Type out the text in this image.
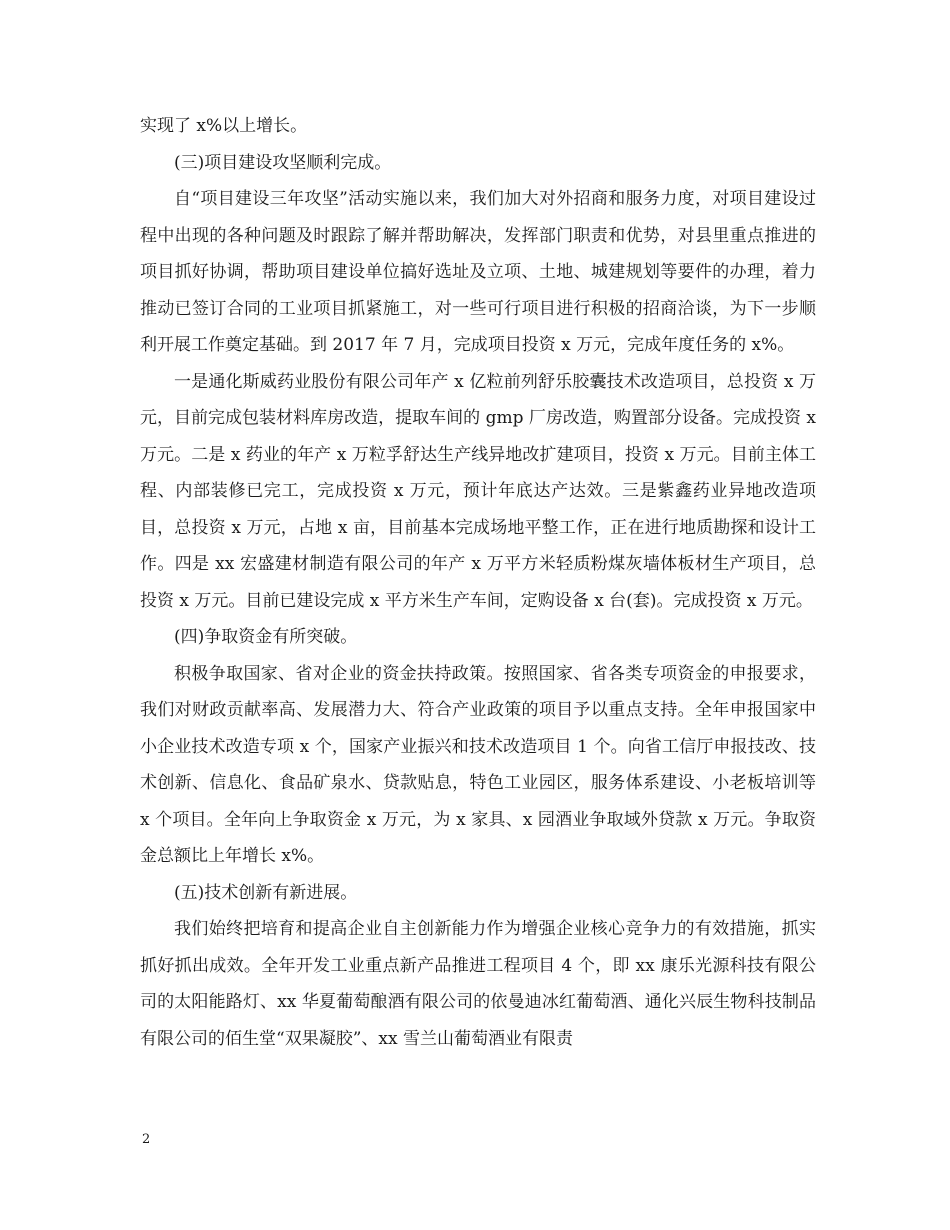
实现了 x%以上增长。

(三)项目建设攻坚顺利完成。

自“项目建设三年攻坚”活动实施以来，我们加大对外招商和服务力度，对项目建设过程中出现的各种问题及时跟踪了解并帮助解决，发挥部门职责和优势，对县里重点推进的项目抓好协调，帮助项目建设单位搞好选址及立项、土地、城建规划等要件的办理，着力推动已签订合同的工业项目抓紧施工，对一些可行项目进行积极的招商洽谈，为下一步顺利开展工作奠定基础。到 2017 年 7 月，完成项目投资 x 万元，完成年度任务的 x%。

一是通化斯威药业股份有限公司年产 x 亿粒前列舒乐胶囊技术改造项目，总投资 x 万元，目前完成包装材料库房改造，提取车间的 gmp 厂房改造，购置部分设备。完成投资 x 万元。二是 x 药业的年产 x 万粒孚舒达生产线异地改扩建项目，投资 x 万元。目前主体工程、内部装修已完工，完成投资 x 万元，预计年底达产达效。三是紫鑫药业异地改造项目，总投资 x 万元，占地 x 亩，目前基本完成场地平整工作，正在进行地质勘探和设计工作。四是 xx 宏盛建材制造有限公司的年产 x 万平方米轻质粉煤灰墙体板材生产项目，总投资 x 万元。目前已建设完成 x 平方米生产车间，定购设备 x 台(套)。完成投资 x 万元。

(四)争取资金有所突破。

积极争取国家、省对企业的资金扶持政策。按照国家、省各类专项资金的申报要求，我们对财政贡献率高、发展潜力大、符合产业政策的项目予以重点支持。全年申报国家中小企业技术改造专项 x 个，国家产业振兴和技术改造项目 1 个。向省工信厅申报技改、技术创新、信息化、食品矿泉水、贷款贴息，特色工业园区，服务体系建设、小老板培训等 x 个项目。全年向上争取资金 x 万元，为 x 家具、x 园酒业争取域外贷款 x 万元。争取资金总额比上年增长 x%。

(五)技术创新有新进展。

我们始终把培育和提高企业自主创新能力作为增强企业核心竞争力的有效措施，抓实抓好抓出成效。全年开发工业重点新产品推进工程项目 4 个，即 xx 康乐光源科技有限公司的太阳能路灯、xx 华夏葡萄酿酒有限公司的依曼迪冰红葡萄酒、通化兴辰生物科技制品有限公司的佰生堂“双果凝胶”、xx 雪兰山葡萄酒业有限责

2
